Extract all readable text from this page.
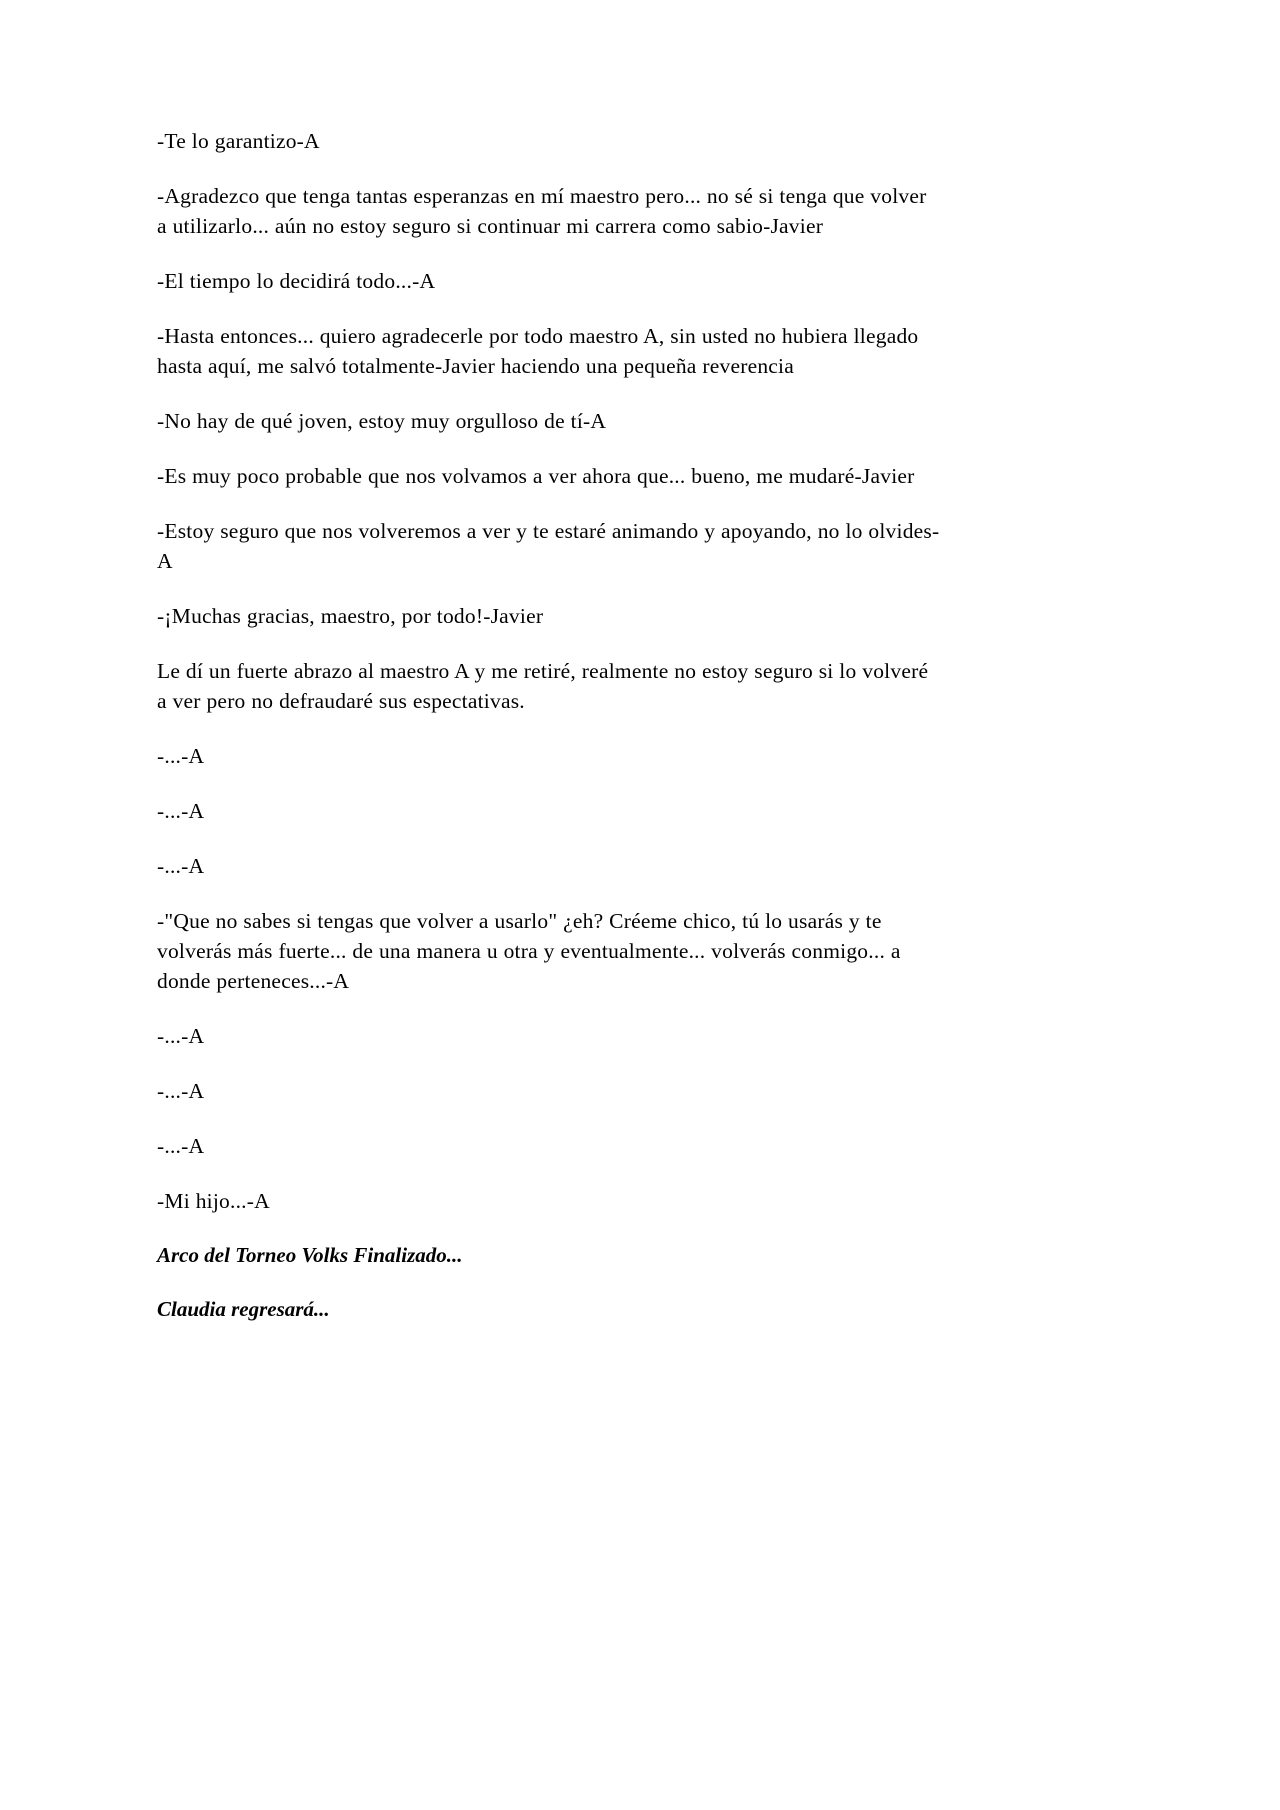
-Te lo garantizo-A

-Agradezco que tenga tantas esperanzas en mí maestro pero... no sé si tenga que volver a utilizarlo... aún no estoy seguro si continuar mi carrera como sabio-Javier

-El tiempo lo decidirá todo...-A

-Hasta entonces... quiero agradecerle por todo maestro A, sin usted no hubiera llegado hasta aquí, me salvó totalmente-Javier haciendo una pequeña reverencia

-No hay de qué joven, estoy muy orgulloso de tí-A

-Es muy poco probable que nos volvamos a ver ahora que... bueno, me mudaré-Javier

-Estoy seguro que nos volveremos a ver y te estaré animando y apoyando, no lo olvides-A

-¡Muchas gracias, maestro, por todo!-Javier

Le dí un fuerte abrazo al maestro A y me retiré, realmente no estoy seguro si lo volveré a ver pero no defraudaré sus espectativas.

-...-A

-...-A

-...-A

-"Que no sabes si tengas que volver a usarlo" ¿eh? Créeme chico, tú lo usarás y te volverás más fuerte... de una manera u otra y eventualmente... volverás conmigo... a donde perteneces...-A

-...-A

-...-A

-...-A

-Mi hijo...-A

Arco del Torneo Volks Finalizado...

Claudia regresará...
